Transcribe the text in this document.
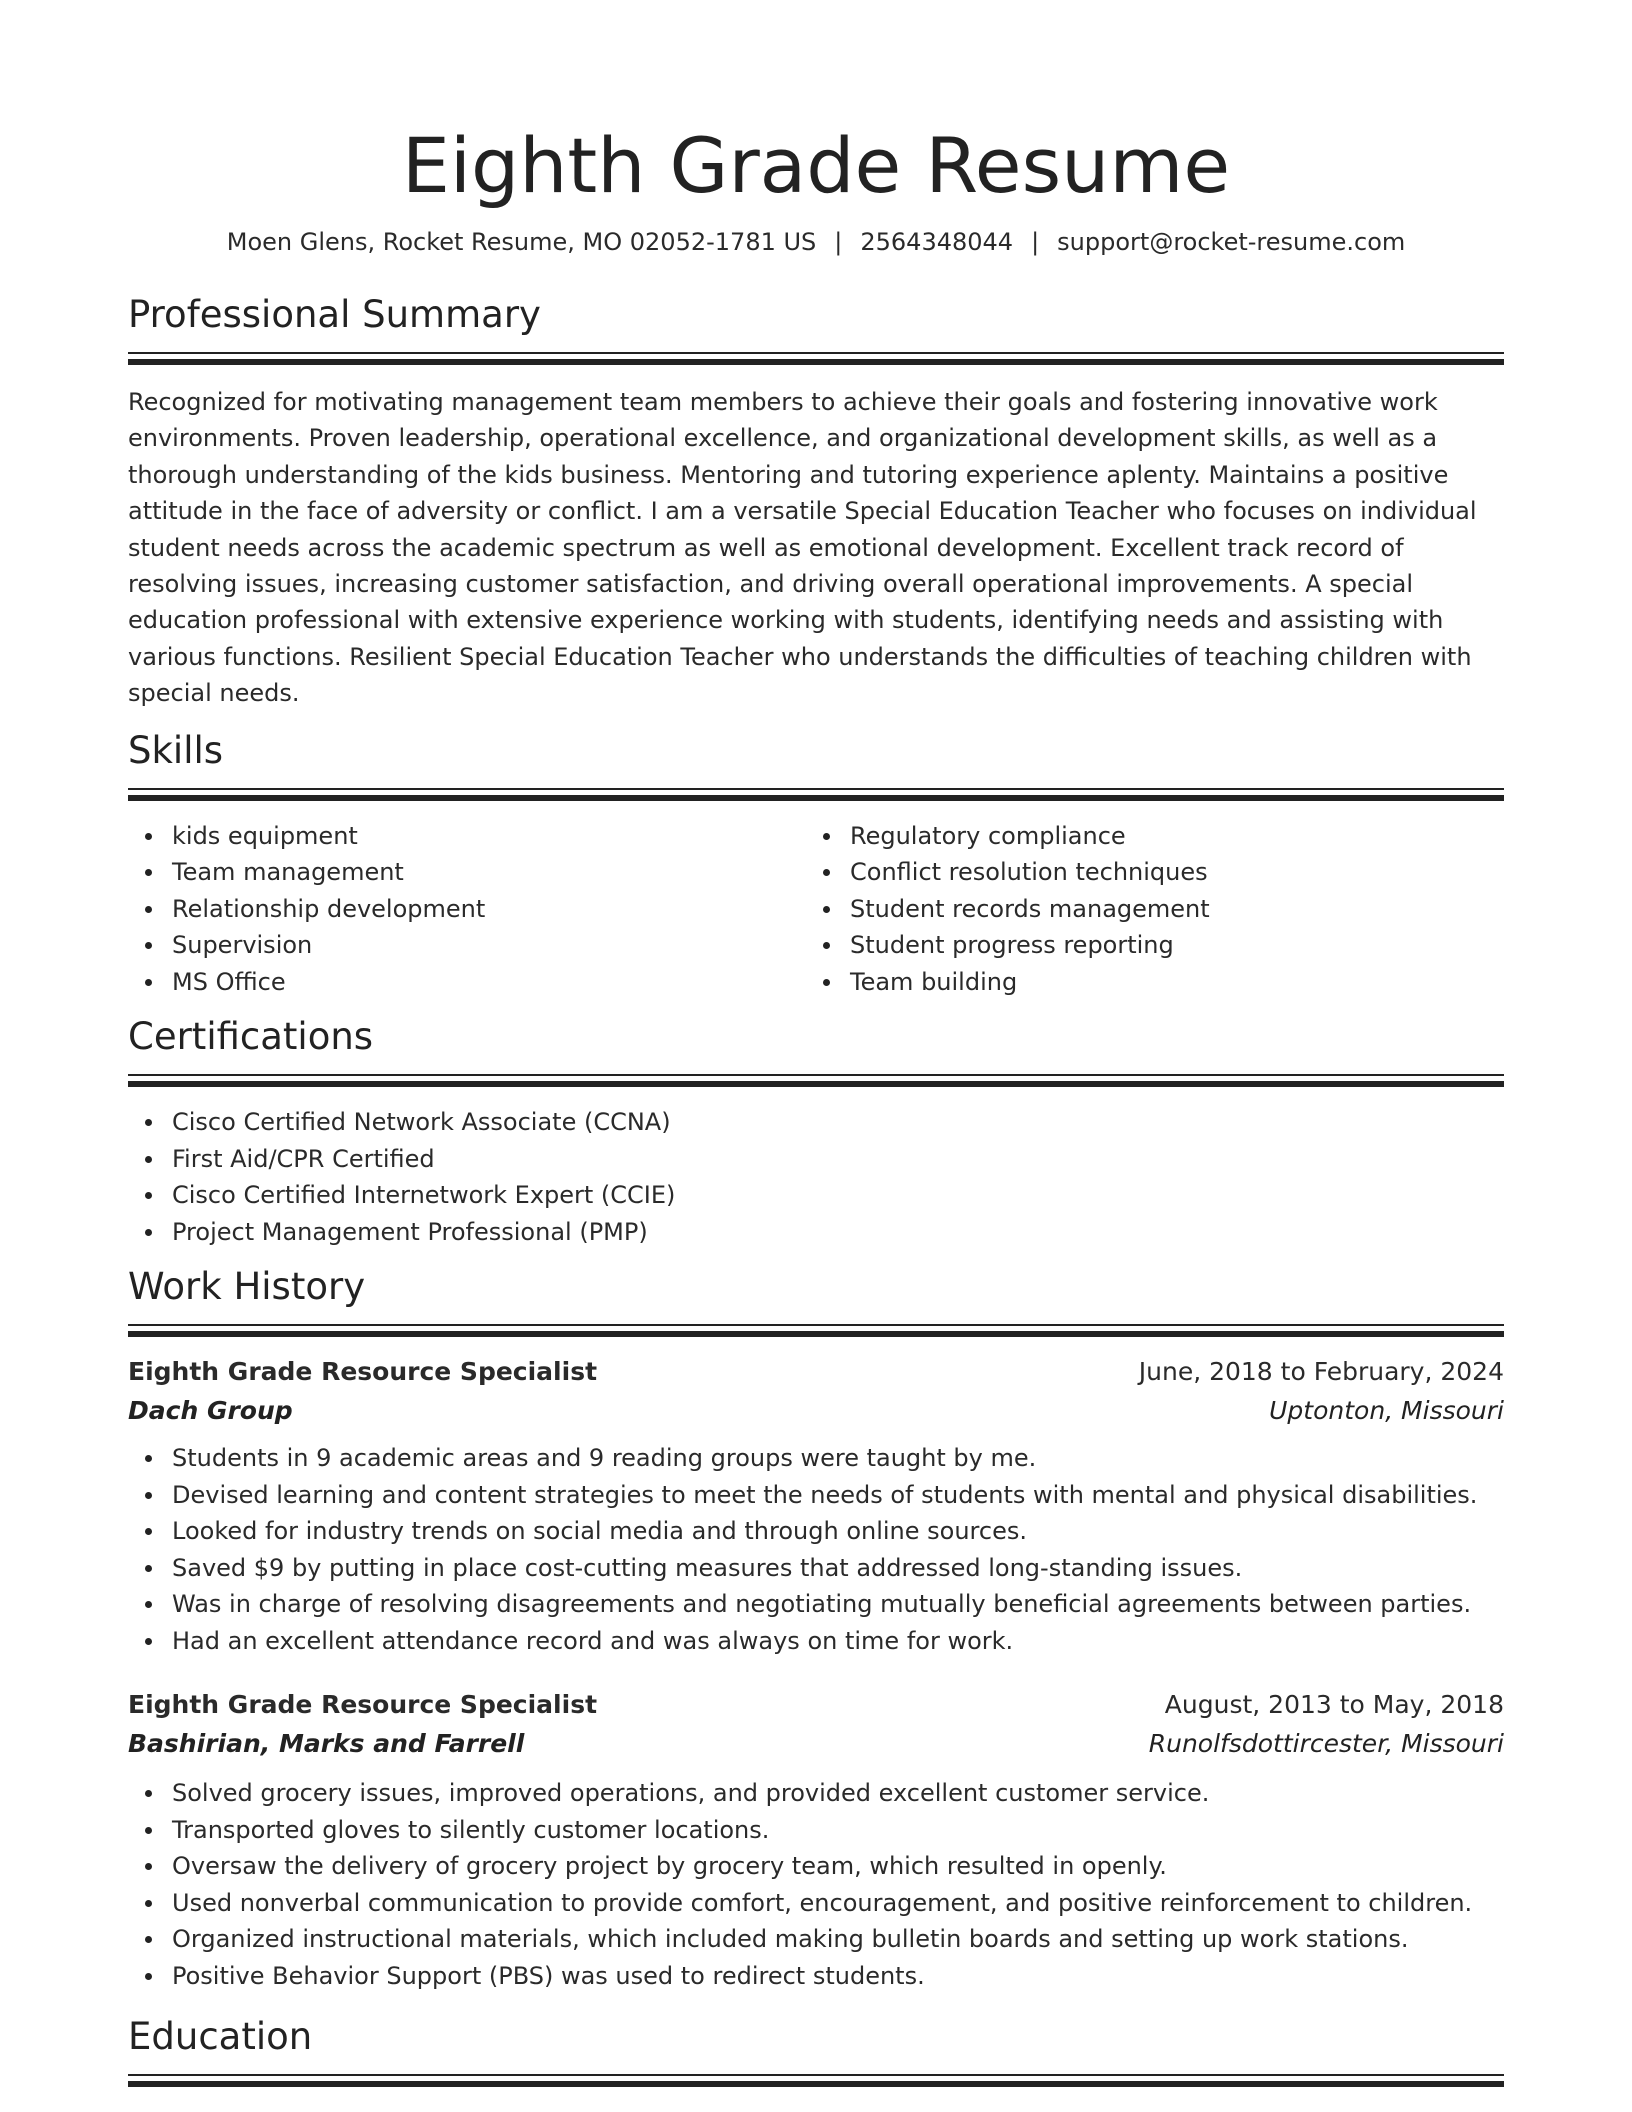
Eighth Grade Resume
Moen Glens, Rocket Resume, MO 02052-1781 US | 2564348044 | support@rocket-resume.com
Professional Summary
Recognized for motivating management team members to achieve their goals and fostering innovative work environments. Proven leadership, operational excellence, and organizational development skills, as well as a thorough understanding of the kids business. Mentoring and tutoring experience aplenty. Maintains a positive attitude in the face of adversity or conflict. I am a versatile Special Education Teacher who focuses on individual student needs across the academic spectrum as well as emotional development. Excellent track record of resolving issues, increasing customer satisfaction, and driving overall operational improvements. A special education professional with extensive experience working with students, identifying needs and assisting with various functions. Resilient Special Education Teacher who understands the difficulties of teaching children with special needs.
Skills
kids equipment
Team management
Relationship development
Supervision
MS Office
Regulatory compliance
Conflict resolution techniques
Student records management
Student progress reporting
Team building
Certifications
Cisco Certified Network Associate (CCNA)
First Aid/CPR Certified
Cisco Certified Internetwork Expert (CCIE)
Project Management Professional (PMP)
Work History
Eighth Grade Resource Specialist	June, 2018 to February, 2024
Dach Group	Uptonton, Missouri
Students in 9 academic areas and 9 reading groups were taught by me.
Devised learning and content strategies to meet the needs of students with mental and physical disabilities.
Looked for industry trends on social media and through online sources.
Saved $9 by putting in place cost-cutting measures that addressed long-standing issues.
Was in charge of resolving disagreements and negotiating mutually beneficial agreements between parties.
Had an excellent attendance record and was always on time for work.
Eighth Grade Resource Specialist	August, 2013 to May, 2018
Bashirian, Marks and Farrell	Runolfsdottircester, Missouri
Solved grocery issues, improved operations, and provided excellent customer service.
Transported gloves to silently customer locations.
Oversaw the delivery of grocery project by grocery team, which resulted in openly.
Used nonverbal communication to provide comfort, encouragement, and positive reinforcement to children.
Organized instructional materials, which included making bulletin boards and setting up work stations.
Positive Behavior Support (PBS) was used to redirect students.
Education
